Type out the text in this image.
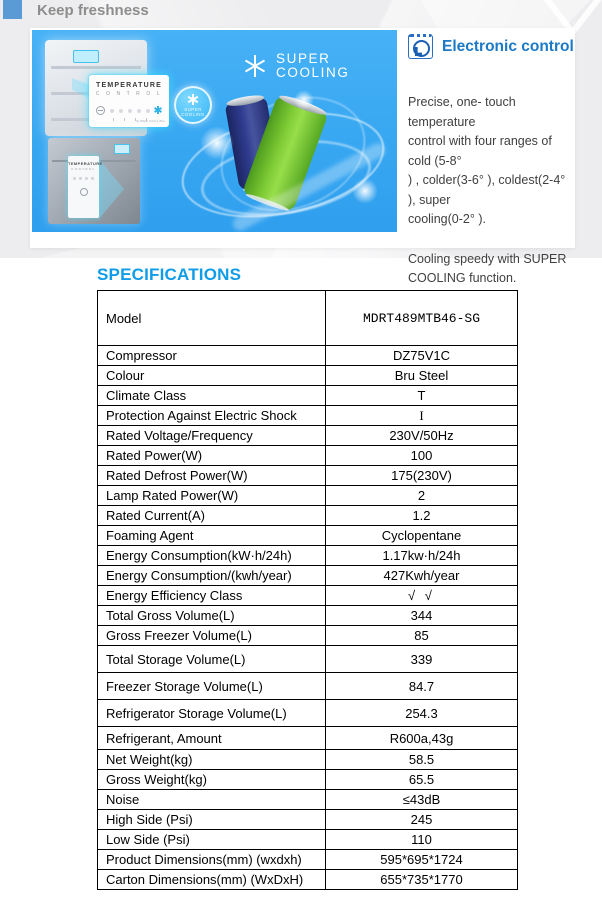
Keep freshness
TEMPERATURE
C O N T R O L
SUPER COOLING
SUPER
COOLING
SUPER
COOLING
TEMPERATURE
CONTROL
Electronic control
Precise, one- touch temperature
control with four ranges of cold (5-8°
) , colder(3-6° ), coldest(2-4° ), super
cooling(0-2° ).
Cooling speedy with SUPER
COOLING function.
SPECIFICATIONS
Model	MDRT489MTB46-SG
Compressor	DZ75V1C
Colour	Bru Steel
Climate Class	T
Protection Against Electric Shock	I
Rated Voltage/Frequency	230V/50Hz
Rated Power(W)	100
Rated Defrost Power(W)	175(230V)
Lamp Rated Power(W)	2
Rated Current(A)	1.2
Foaming Agent	Cyclopentane
Energy Consumption(kW·h/24h)	1.17kw·h/24h
Energy Consumption/(kwh/year)	427Kwh/year
Energy Efficiency Class	√ √
Total Gross Volume(L)	344
Gross Freezer Volume(L)	85
Total Storage Volume(L)	339
Freezer Storage Volume(L)	84.7
Refrigerator Storage Volume(L)	254.3
Refrigerant, Amount	R600a,43g
Net Weight(kg)	58.5
Gross Weight(kg)	65.5
Noise	≤43dB
High Side (Psi)	245
Low Side (Psi)	110
Product Dimensions(mm) (wxdxh)	595*695*1724
Carton Dimensions(mm) (WxDxH)	655*735*1770
